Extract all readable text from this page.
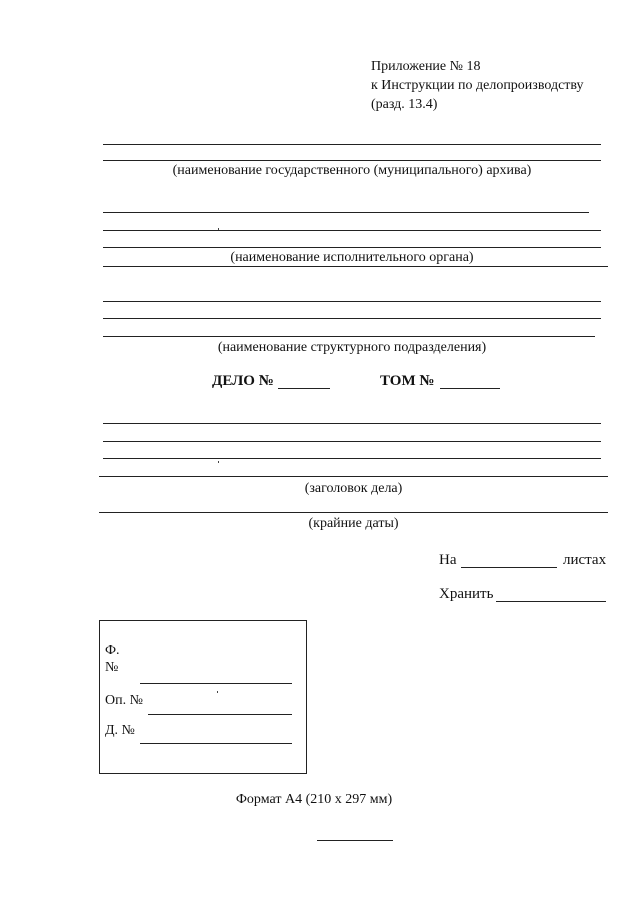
Приложение № 18
к Инструкции по делопроизводству
(разд. 13.4)
(наименование государственного (муниципального) архива)
(наименование исполнительного органа)
(наименование структурного подразделения)
ДЕЛО №	ТОМ №
(заголовок дела)
(крайние даты)
На	листах
Хранить
Ф.
№
Оп. №
Д. №
Формат А4 (210 х 297 мм)
